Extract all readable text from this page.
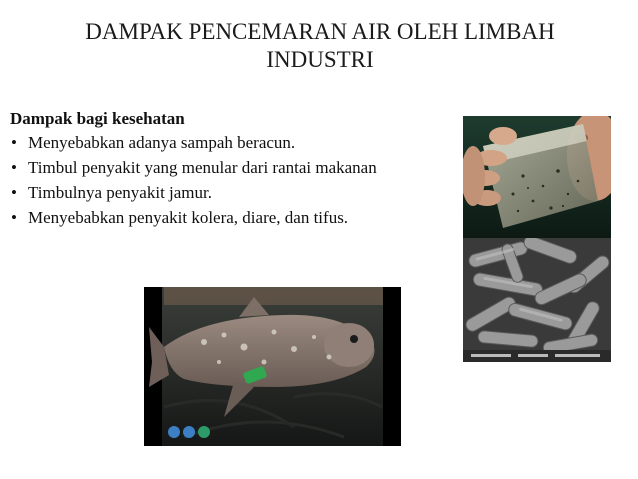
DAMPAK PENCEMARAN AIR OLEH LIMBAH
INDUSTRI
Dampak bagi kesehatan
• Menyebabkan adanya sampah beracun.
• Timbul penyakit yang menular dari rantai makanan
• Timbulnya penyakit jamur.
• Menyebabkan penyakit kolera, diare, dan tifus.
